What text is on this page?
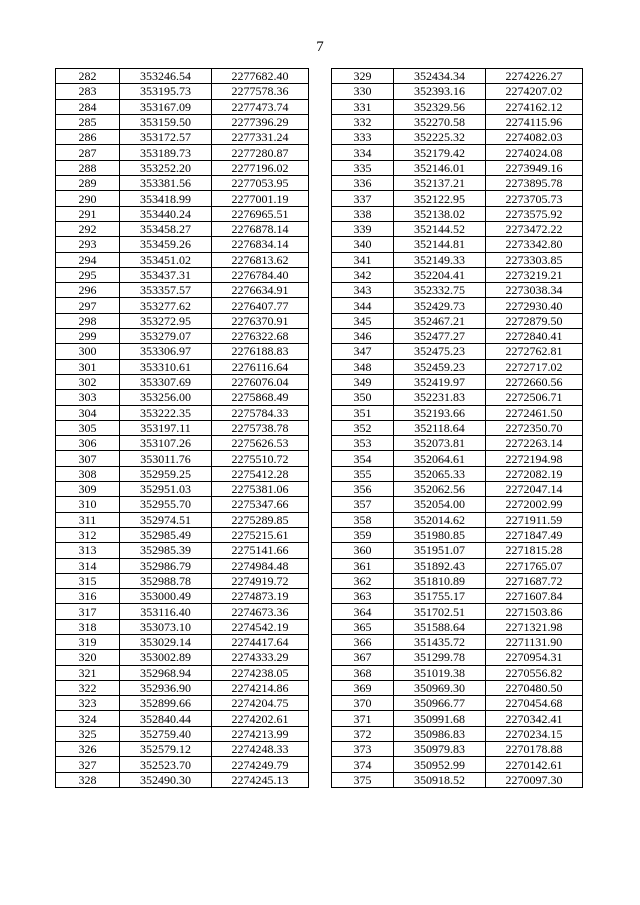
7
282	353246.54	2277682.40
283	353195.73	2277578.36
284	353167.09	2277473.74
285	353159.50	2277396.29
286	353172.57	2277331.24
287	353189.73	2277280.87
288	353252.20	2277196.02
289	353381.56	2277053.95
290	353418.99	2277001.19
291	353440.24	2276965.51
292	353458.27	2276878.14
293	353459.26	2276834.14
294	353451.02	2276813.62
295	353437.31	2276784.40
296	353357.57	2276634.91
297	353277.62	2276407.77
298	353272.95	2276370.91
299	353279.07	2276322.68
300	353306.97	2276188.83
301	353310.61	2276116.64
302	353307.69	2276076.04
303	353256.00	2275868.49
304	353222.35	2275784.33
305	353197.11	2275738.78
306	353107.26	2275626.53
307	353011.76	2275510.72
308	352959.25	2275412.28
309	352951.03	2275381.06
310	352955.70	2275347.66
311	352974.51	2275289.85
312	352985.49	2275215.61
313	352985.39	2275141.66
314	352986.79	2274984.48
315	352988.78	2274919.72
316	353000.49	2274873.19
317	353116.40	2274673.36
318	353073.10	2274542.19
319	353029.14	2274417.64
320	353002.89	2274333.29
321	352968.94	2274238.05
322	352936.90	2274214.86
323	352899.66	2274204.75
324	352840.44	2274202.61
325	352759.40	2274213.99
326	352579.12	2274248.33
327	352523.70	2274249.79
328	352490.30	2274245.13
329	352434.34	2274226.27
330	352393.16	2274207.02
331	352329.56	2274162.12
332	352270.58	2274115.96
333	352225.32	2274082.03
334	352179.42	2274024.08
335	352146.01	2273949.16
336	352137.21	2273895.78
337	352122.95	2273705.73
338	352138.02	2273575.92
339	352144.52	2273472.22
340	352144.81	2273342.80
341	352149.33	2273303.85
342	352204.41	2273219.21
343	352332.75	2273038.34
344	352429.73	2272930.40
345	352467.21	2272879.50
346	352477.27	2272840.41
347	352475.23	2272762.81
348	352459.23	2272717.02
349	352419.97	2272660.56
350	352231.83	2272506.71
351	352193.66	2272461.50
352	352118.64	2272350.70
353	352073.81	2272263.14
354	352064.61	2272194.98
355	352065.33	2272082.19
356	352062.56	2272047.14
357	352054.00	2272002.99
358	352014.62	2271911.59
359	351980.85	2271847.49
360	351951.07	2271815.28
361	351892.43	2271765.07
362	351810.89	2271687.72
363	351755.17	2271607.84
364	351702.51	2271503.86
365	351588.64	2271321.98
366	351435.72	2271131.90
367	351299.78	2270954.31
368	351019.38	2270556.82
369	350969.30	2270480.50
370	350966.77	2270454.68
371	350991.68	2270342.41
372	350986.83	2270234.15
373	350979.83	2270178.88
374	350952.99	2270142.61
375	350918.52	2270097.30
